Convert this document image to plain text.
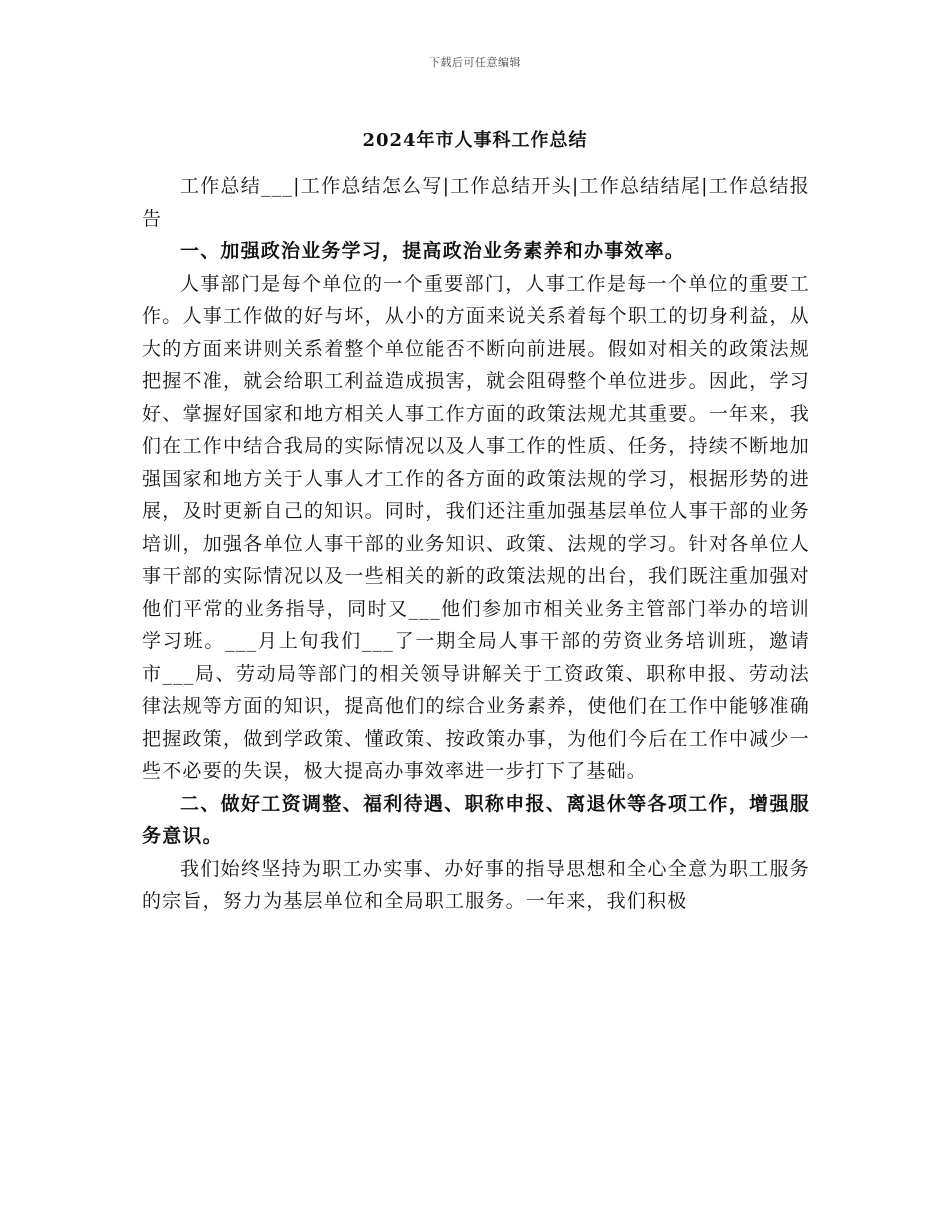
下载后可任意编辑
2024年市人事科工作总结

工作总结___|工作总结怎么写|工作总结开头|工作总结结尾|工作总结报告

一、加强政治业务学习，提高政治业务素养和办事效率。

人事部门是每个单位的一个重要部门，人事工作是每一个单位的重要工作。人事工作做的好与坏，从小的方面来说关系着每个职工的切身利益，从大的方面来讲则关系着整个单位能否不断向前进展。假如对相关的政策法规把握不准，就会给职工利益造成损害，就会阻碍整个单位进步。因此，学习好、掌握好国家和地方相关人事工作方面的政策法规尤其重要。一年来，我们在工作中结合我局的实际情况以及人事工作的性质、任务，持续不断地加强国家和地方关于人事人才工作的各方面的政策法规的学习，根据形势的进展，及时更新自己的知识。同时，我们还注重加强基层单位人事干部的业务培训，加强各单位人事干部的业务知识、政策、法规的学习。针对各单位人事干部的实际情况以及一些相关的新的政策法规的出台，我们既注重加强对他们平常的业务指导，同时又___他们参加市相关业务主管部门举办的培训学习班。___月上旬我们___了一期全局人事干部的劳资业务培训班，邀请市___局、劳动局等部门的相关领导讲解关于工资政策、职称申报、劳动法律法规等方面的知识，提高他们的综合业务素养，使他们在工作中能够准确把握政策，做到学政策、懂政策、按政策办事，为他们今后在工作中减少一些不必要的失误，极大提高办事效率进一步打下了基础。

二、做好工资调整、福利待遇、职称申报、离退休等各项工作，增强服务意识。

我们始终坚持为职工办实事、办好事的指导思想和全心全意为职工服务的宗旨，努力为基层单位和全局职工服务。一年来，我们积极
